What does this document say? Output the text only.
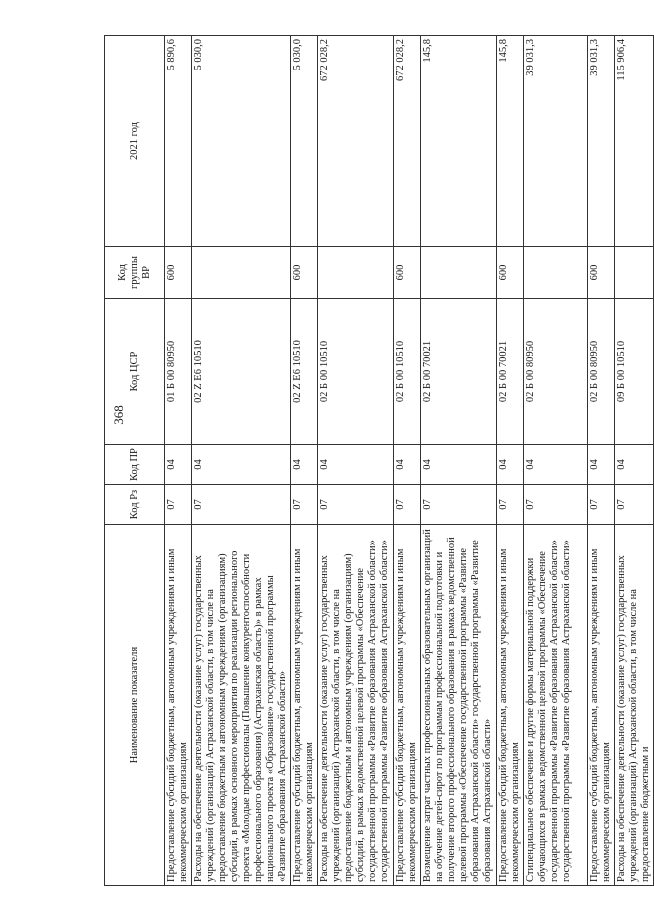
368
Наименование показателя	Код Рз	Код ПР	Код ЦСР	Код группы ВР	2021 год
Предоставление субсидий бюджетным, автономным учреждениям и иным некоммерческим организациям	07	04	01 Б 00 80950	600	5 890,6
Расходы на обеспечение деятельности (оказание услуг) государственных учреждений (организаций) Астраханской области, в том числе на предоставление бюджетным и автономным учреждениям (организациям) субсидий, в рамках основного мероприятия по реализации регионального проекта «Молодые профессионалы (Повышение конкурентоспособности профессионального образования) (Астраханская область)» в рамках национального проекта «Образование» государственной программы «Развитие образования Астраханской области»	07	04	02 Z E6 10510		5 030,0
Предоставление субсидий бюджетным, автономным учреждениям и иным некоммерческим организациям	07	04	02 Z E6 10510	600	5 030,0
Расходы на обеспечение деятельности (оказание услуг) государственных учреждений (организаций) Астраханской области, в том числе на предоставление бюджетным и автономным учреждениям (организациям) субсидий, в рамках ведомственной целевой программы «Обеспечение государственной программы «Развитие образования Астраханской области» государственной программы «Развитие образования Астраханской области»	07	04	02 Б 00 10510		672 028,2
Предоставление субсидий бюджетным, автономным учреждениям и иным некоммерческим организациям	07	04	02 Б 00 10510	600	672 028,2
Возмещение затрат частных профессиональных образовательных организаций на обучение детей-сирот по программам профессиональной подготовки и получение второго профессионального образования в рамках ведомственной целевой программы «Обеспечение государственной программы «Развитие образования Астраханской области» государственной программы «Развитие образования Астраханской области»	07	04	02 Б 00 70021		145,8
Предоставление субсидий бюджетным, автономным учреждениям и иным некоммерческим организациям	07	04	02 Б 00 70021	600	145,8
Стипендиальное обеспечение и другие формы материальной поддержки обучающихся в рамках ведомственной целевой программы «Обеспечение государственной программы «Развитие образования Астраханской области» государственной программы «Развитие образования Астраханской области»	07	04	02 Б 00 80950		39 031,3
Предоставление субсидий бюджетным, автономным учреждениям и иным некоммерческим организациям	07	04	02 Б 00 80950	600	39 031,3
Расходы на обеспечение деятельности (оказание услуг) государственных учреждений (организаций) Астраханской области, в том числе на предоставление бюджетным и	07	04	09 Б 00 10510		115 906,4
